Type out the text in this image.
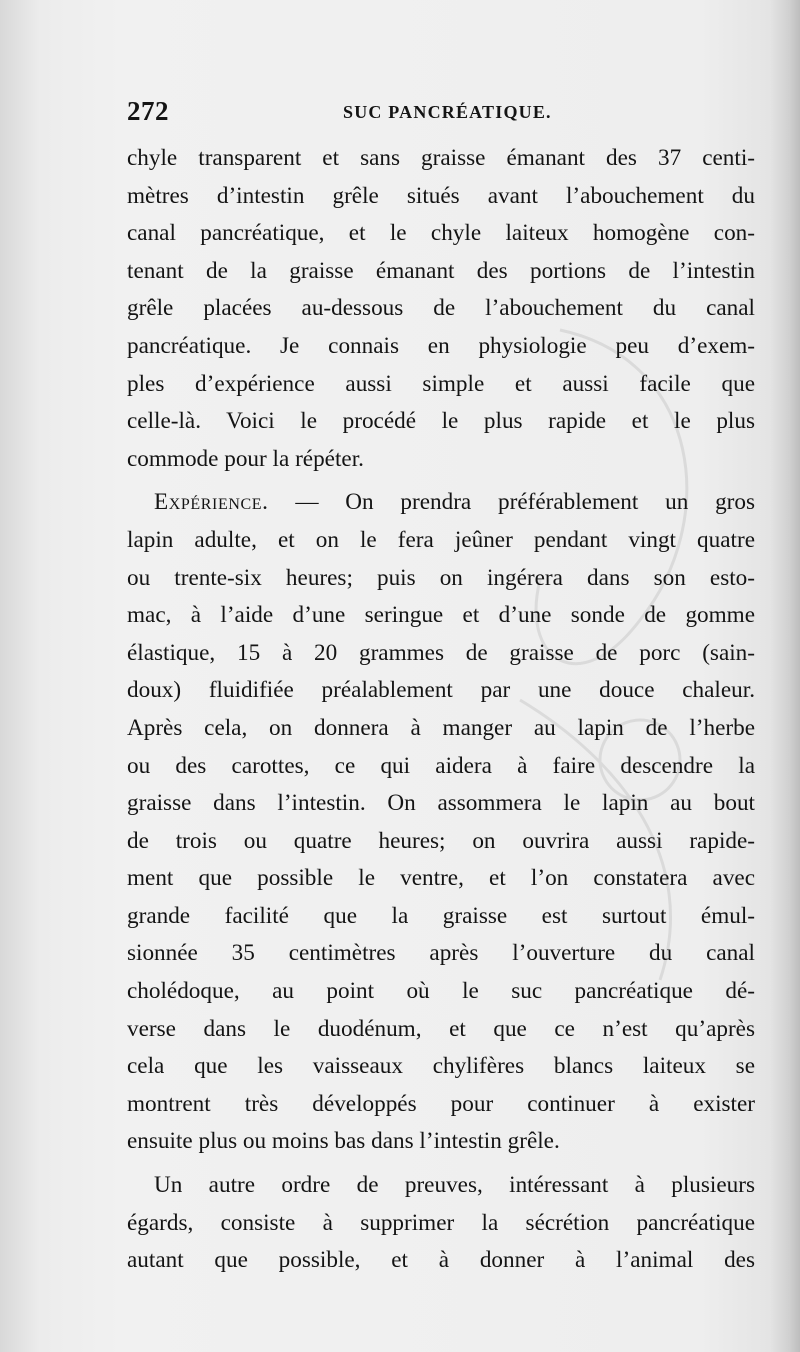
272	SUC PANCRÉATIQUE.

chyle transparent et sans graisse émanant des 37 centi-
mètres d’intestin grêle situés avant l’abouchement du
canal pancréatique, et le chyle laiteux homogène con-
tenant de la graisse émanant des portions de l’intestin
grêle placées au-dessous de l’abouchement du canal
pancréatique. Je connais en physiologie peu d’exem-
ples d’expérience aussi simple et aussi facile que
celle-là. Voici le procédé le plus rapide et le plus
commode pour la répéter.

Expérience. — On prendra préférablement un gros
lapin adulte, et on le fera jeûner pendant vingt quatre
ou trente-six heures; puis on ingérera dans son esto-
mac, à l’aide d’une seringue et d’une sonde de gomme
élastique, 15 à 20 grammes de graisse de porc (sain-
doux) fluidifiée préalablement par une douce chaleur.
Après cela, on donnera à manger au lapin de l’herbe
ou des carottes, ce qui aidera à faire descendre la
graisse dans l’intestin. On assommera le lapin au bout
de trois ou quatre heures; on ouvrira aussi rapide-
ment que possible le ventre, et l’on constatera avec
grande facilité que la graisse est surtout émul-
sionnée 35 centimètres après l’ouverture du canal
cholédoque, au point où le suc pancréatique dé-
verse dans le duodénum, et que ce n’est qu’après
cela que les vaisseaux chylifères blancs laiteux se
montrent très développés pour continuer à exister
ensuite plus ou moins bas dans l’intestin grêle.

Un autre ordre de preuves, intéressant à plusieurs
égards, consiste à supprimer la sécrétion pancréatique
autant que possible, et à donner à l’animal des
